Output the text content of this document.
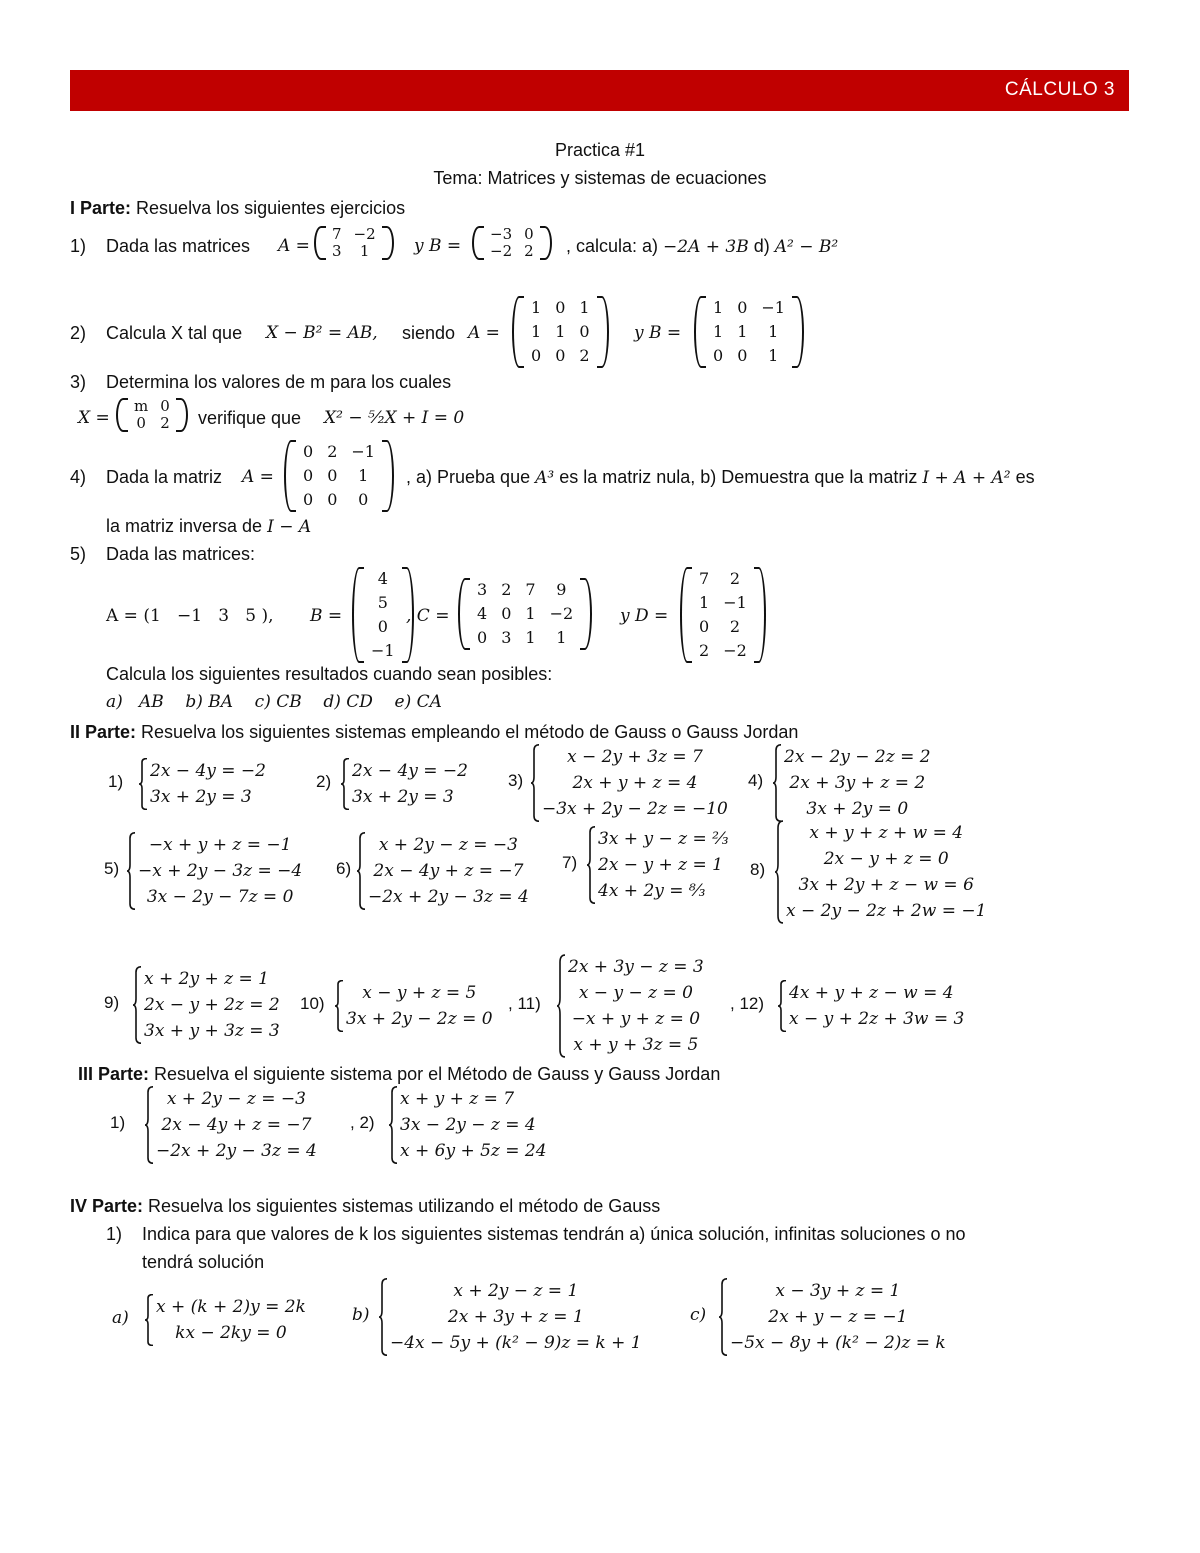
CÁLCULO 3
Practica #1
Tema: Matrices y sistemas de ecuaciones
I Parte: Resuelva los siguientes ejercicios
1) Dada las matrices A =
7	−2
3	1	y B =
−3	0
−2	2 , calcula: a) −2A + 3B d) A² − B²
2) Calcula X tal que X − B² = AB, siendo A =
1	0	1
1	1	0
0	0	2
y B =
1	0	−1
1	1	1
0	0	1
3) Determina los valores de m para los cuales
X =
m	0
0	2 verifique que X² − ⁵⁄₂X + I = 0
4) Dada la matriz A =
0	2	−1
0	0	1
0	0	0
, a) Prueba que A³ es la matriz nula, b) Demuestra que la matriz I + A + A² es
la matriz inversa de I − A
5) Dada las matrices:
A = (1   −1   3   5 ), B =
4
5
0
−1
, C =
3	2	7	9
4	0	1	−2
0	3	1	1
y D =
7	2
1	−1
0	2
2	−2
Calcula los siguientes resultados cuando sean posibles:
a)   AB    b) BA    c) CB    d) CD    e) CA
II Parte: Resuelva los siguientes sistemas empleando el método de Gauss o Gauss Jordan
1)
2x − 4y = −2
3x + 2y = 3
2)
2x − 4y = −2
3x + 2y = 3
3)
x − 2y + 3z = 7
2x + y + z = 4
−3x + 2y − 2z = −10
4)
2x − 2y − 2z = 2
2x + 3y + z = 2
3x + 2y = 0
5)
−x + y + z = −1
−x + 2y − 3z = −4
3x − 2y − 7z = 0
6)
x + 2y − z = −3
2x − 4y + z = −7
−2x + 2y − 3z = 4
7)
3x + y − z = ²⁄₃
2x − y + z = 1
4x + 2y = ⁸⁄₃
8)
x + y + z + w = 4
2x − y + z = 0
3x + 2y + z − w = 6
x − 2y − 2z + 2w = −1
9)
x + 2y + z = 1
2x − y + 2z = 2
3x + y + 3z = 3
10)
x − y + z = 5
3x + 2y − 2z = 0
, 11)
2x + 3y − z = 3
x − y − z = 0
−x + y + z = 0
x + y + 3z = 5
, 12)
4x + y + z − w = 4
x − y + 2z + 3w = 3
1)
x + 2y − z = −3
2x − 4y + z = −7
−2x + 2y − 3z = 4
, 2)
x + y + z = 7
3x − 2y − z = 4
x + 6y + 5z = 24
a)
x + (k + 2)y = 2k
kx − 2ky = 0
b)
x + 2y − z = 1
2x + 3y + z = 1
−4x − 5y + (k² − 9)z = k + 1
c)
x − 3y + z = 1
2x + y − z = −1
−5x − 8y + (k² − 2)z = k
III Parte: Resuelva el siguiente sistema por el Método de Gauss y Gauss Jordan
IV Parte: Resuelva los siguientes sistemas utilizando el método de Gauss
1) Indica para que valores de k los siguientes sistemas tendrán a) única solución, infinitas soluciones o no
tendrá solución
